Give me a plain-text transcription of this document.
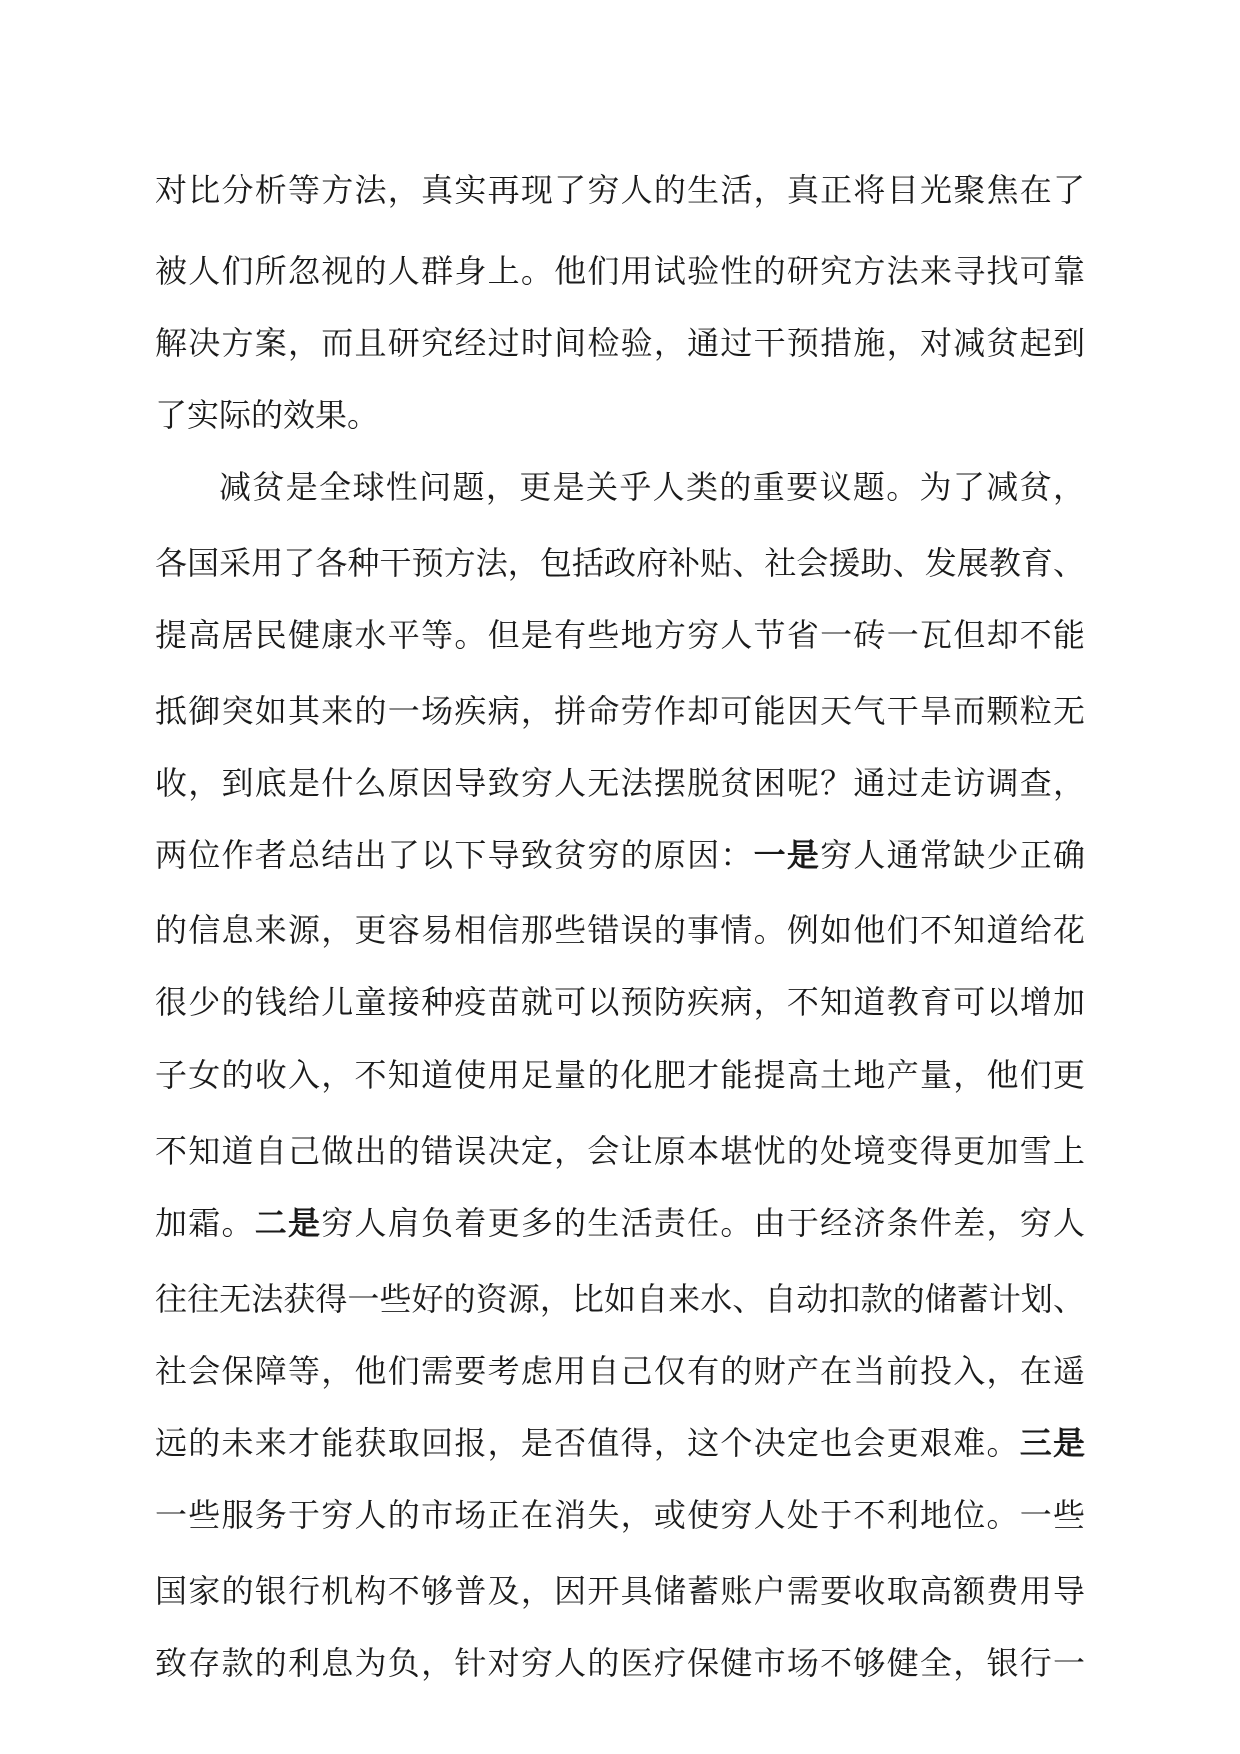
对比分析等方法，真实再现了穷人的生活，真正将目光聚焦在了
被人们所忽视的人群身上。他们用试验性的研究方法来寻找可靠
解决方案，而且研究经过时间检验，通过干预措施，对减贫起到
了实际的效果。
减贫是全球性问题，更是关乎人类的重要议题。为了减贫，
各国采用了各种干预方法，包括政府补贴、社会援助、发展教育、
提高居民健康水平等。但是有些地方穷人节省一砖一瓦但却不能
抵御突如其来的一场疾病，拼命劳作却可能因天气干旱而颗粒无
收，到底是什么原因导致穷人无法摆脱贫困呢？通过走访调查，
两位作者总结出了以下导致贫穷的原因：一是穷人通常缺少正确
的信息来源，更容易相信那些错误的事情。例如他们不知道给花
很少的钱给儿童接种疫苗就可以预防疾病，不知道教育可以增加
子女的收入，不知道使用足量的化肥才能提高土地产量，他们更
不知道自己做出的错误决定，会让原本堪忧的处境变得更加雪上
加霜。二是穷人肩负着更多的生活责任。由于经济条件差，穷人
往往无法获得一些好的资源，比如自来水、自动扣款的储蓄计划、
社会保障等，他们需要考虑用自己仅有的财产在当前投入，在遥
远的未来才能获取回报，是否值得，这个决定也会更艰难。三是
一些服务于穷人的市场正在消失，或使穷人处于不利地位。一些
国家的银行机构不够普及，因开具储蓄账户需要收取高额费用导
致存款的利息为负，针对穷人的医疗保健市场不够健全，银行一
